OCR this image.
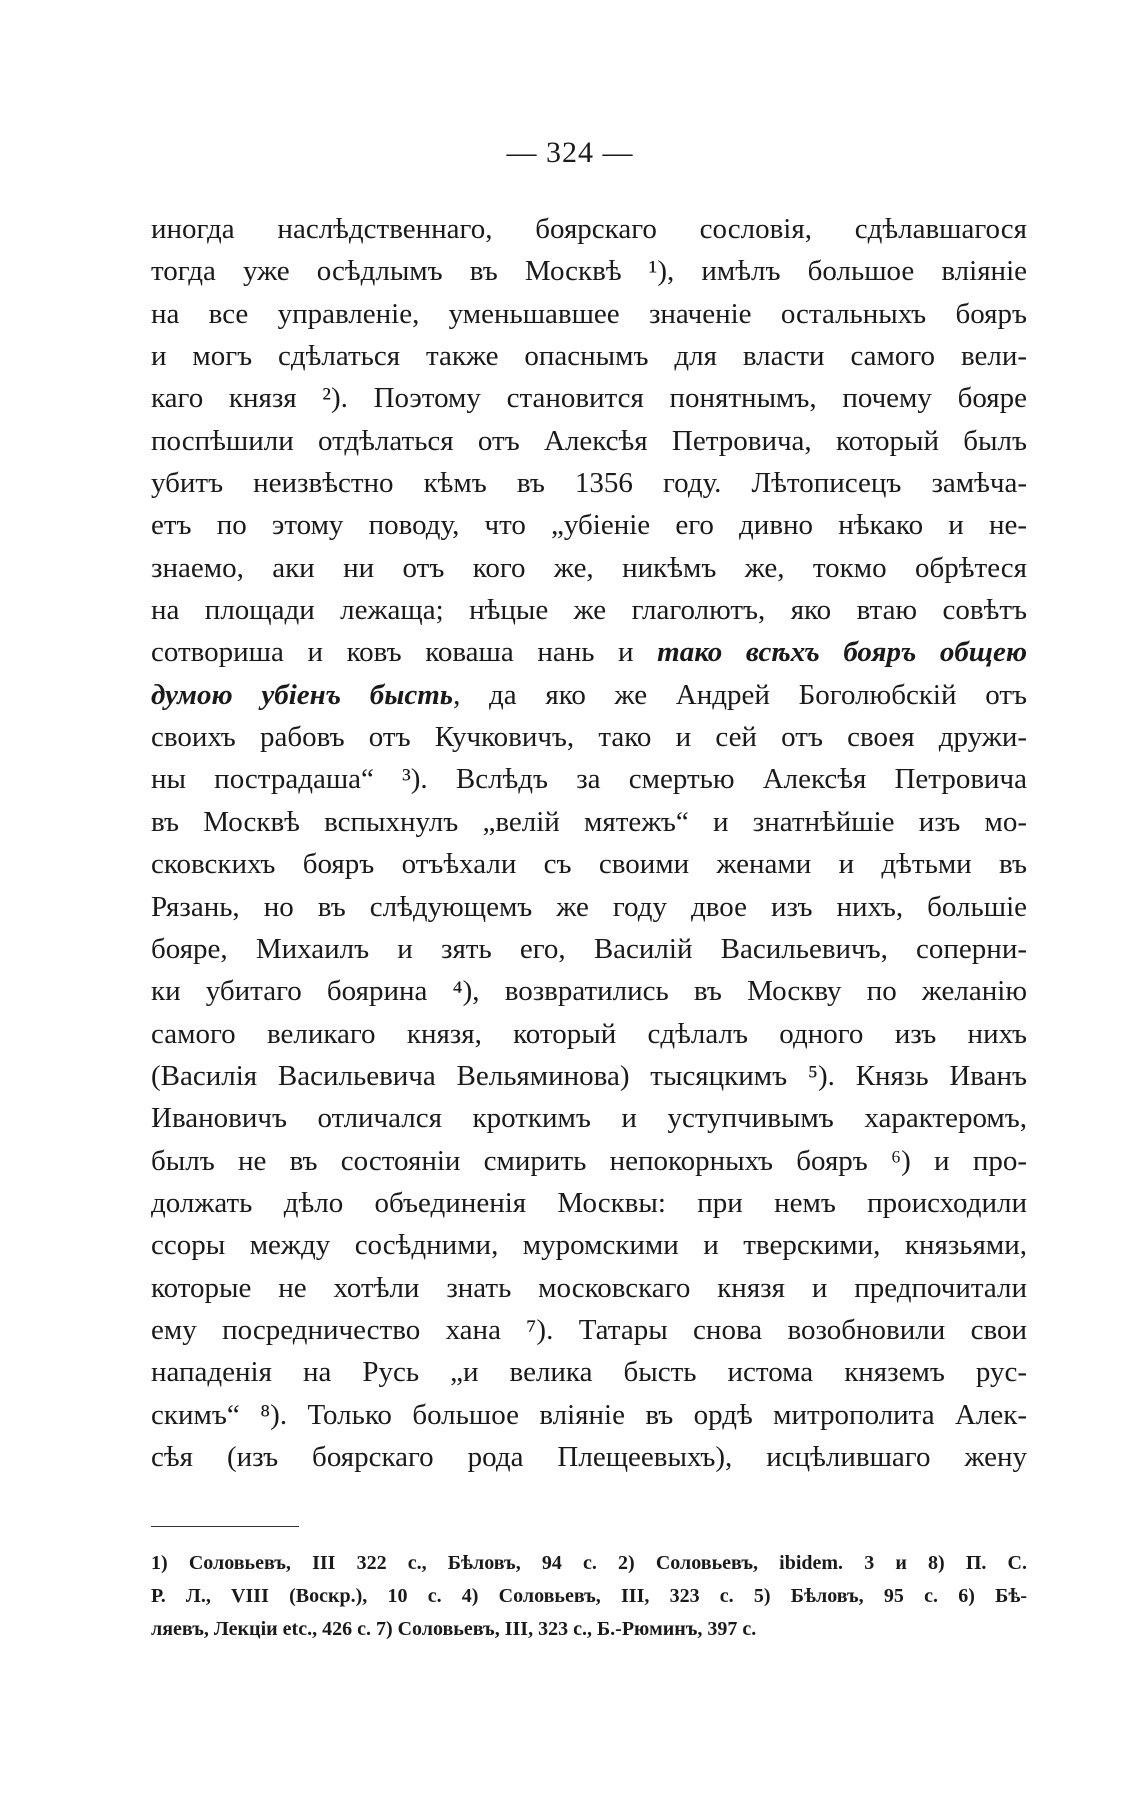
— 324 —
иногда наслѣдственнаго, боярскаго сословія, сдѣлавшагося
тогда уже осѣдлымъ въ Москвѣ ¹), имѣлъ большое вліяніе
на все управленіе, уменьшавшее значеніе остальныхъ бояръ
и могъ сдѣлаться также опаснымъ для власти самого вели-
каго князя ²). Поэтому становится понятнымъ, почему бояре
поспѣшили отдѣлаться отъ Алексѣя Петровича, который былъ
убитъ неизвѣстно кѣмъ въ 1356 году. Лѣтописецъ замѣча-
етъ по этому поводу, что „убіеніе его дивно нѣкако и не-
знаемо, аки ни отъ кого же, никѣмъ же, токмо обрѣтеся
на площади лежаща; нѣцые же глаголютъ, яко втаю совѣтъ
сотвориша и ковъ коваша нань и тако всѣхъ бояръ общею
думою убіенъ бысть, да яко же Андрей Боголюбскій отъ
своихъ рабовъ отъ Кучковичъ, тако и сей отъ своея дружи-
ны пострадаша“ ³). Вслѣдъ за смертью Алексѣя Петровича
въ Москвѣ вспыхнулъ „велій мятежъ“ и знатнѣйшіе изъ мо-
сковскихъ бояръ отъѣхали съ своими женами и дѣтьми въ
Рязань, но въ слѣдующемъ же году двое изъ нихъ, большіе
бояре, Михаилъ и зять его, Василій Васильевичъ, соперни-
ки убитаго боярина ⁴), возвратились въ Москву по желанію
самого великаго князя, который сдѣлалъ одного изъ нихъ
(Василія Васильевича Вельяминова) тысяцкимъ ⁵). Князь Иванъ
Ивановичъ отличался кроткимъ и уступчивымъ характеромъ,
былъ не въ состояніи смирить непокорныхъ бояръ ⁶) и про-
должать дѣло объединенія Москвы: при немъ происходили
ссоры между сосѣдними, муромскими и тверскими, князьями,
которые не хотѣли знать московскаго князя и предпочитали
ему посредничество хана ⁷). Татары снова возобновили свои
нападенія на Русь „и велика бысть истома княземъ рус-
скимъ“ ⁸). Только большое вліяніе въ ордѣ митрополита Алек-
сѣя (изъ боярскаго рода Плещеевыхъ), исцѣлившаго жену
1) Соловьевъ, III 322 с., Бѣловъ, 94 с. 2) Соловьевъ, ibidem. 3 и 8) П. С.
Р. Л., VIII (Воскр.), 10 с. 4) Соловьевъ, III, 323 с. 5) Бѣловъ, 95 с. 6) Бѣ-
ляевъ, Лекціи etc., 426 с. 7) Соловьевъ, III, 323 с., Б.-Рюминъ, 397 с.
